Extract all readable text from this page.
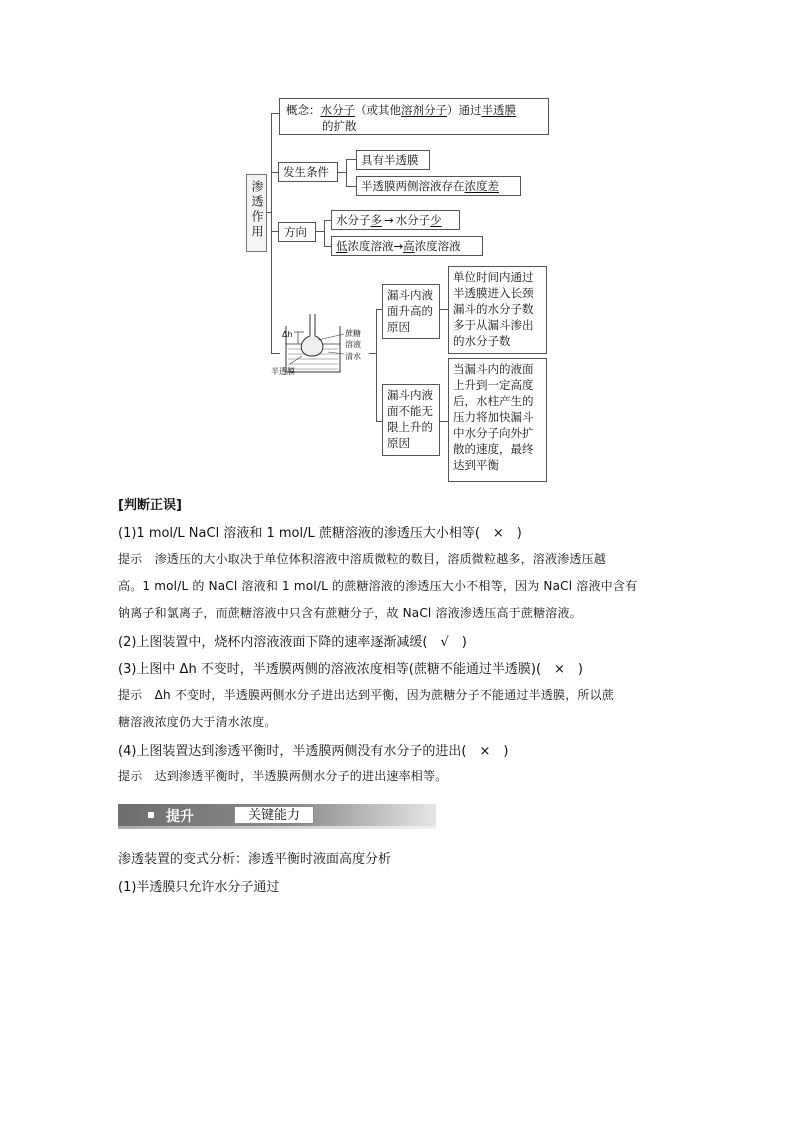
渗透作用
概念：水分子（或其他溶剂分子）通过半透膜
的扩散
发生条件
具有半透膜
半透膜两侧溶液存在浓度差
方向
水分子多 → 水分子少
低浓度溶液→高浓度溶液
Δh	蔗糖
溶液
清水
半透膜
漏斗内液
面升高的
原因
单位时间内通过
半透膜进入长颈
漏斗的水分子数
多于从漏斗渗出
的水分子数
漏斗内液
面不能无
限上升的
原因
当漏斗内的液面
上升到一定高度
后，水柱产生的
压力将加快漏斗
中水分子向外扩
散的速度，最终
达到平衡
[判断正误]
(1)1 mol/L NaCl 溶液和 1 mol/L 蔗糖溶液的渗透压大小相等(　×　)
提示　渗透压的大小取决于单位体积溶液中溶质微粒的数目，溶质微粒越多，溶液渗透压越
高。1 mol/L 的 NaCl 溶液和 1 mol/L 的蔗糖溶液的渗透压大小不相等，因为 NaCl 溶液中含有
钠离子和氯离子，而蔗糖溶液中只含有蔗糖分子，故 NaCl 溶液渗透压高于蔗糖溶液。
(2)上图装置中，烧杯内溶液液面下降的速率逐渐减缓(　√　)
(3)上图中 Δh 不变时，半透膜两侧的溶液浓度相等(蔗糖不能通过半透膜)(　×　)
提示　Δh 不变时，半透膜两侧水分子进出达到平衡，因为蔗糖分子不能通过半透膜，所以蔗
糖溶液浓度仍大于清水浓度。
(4)上图装置达到渗透平衡时，半透膜两侧没有水分子的进出(　×　)
提示　达到渗透平衡时，半透膜两侧水分子的进出速率相等。
提升	关键能力
渗透装置的变式分析：渗透平衡时液面高度分析
(1)半透膜只允许水分子通过
